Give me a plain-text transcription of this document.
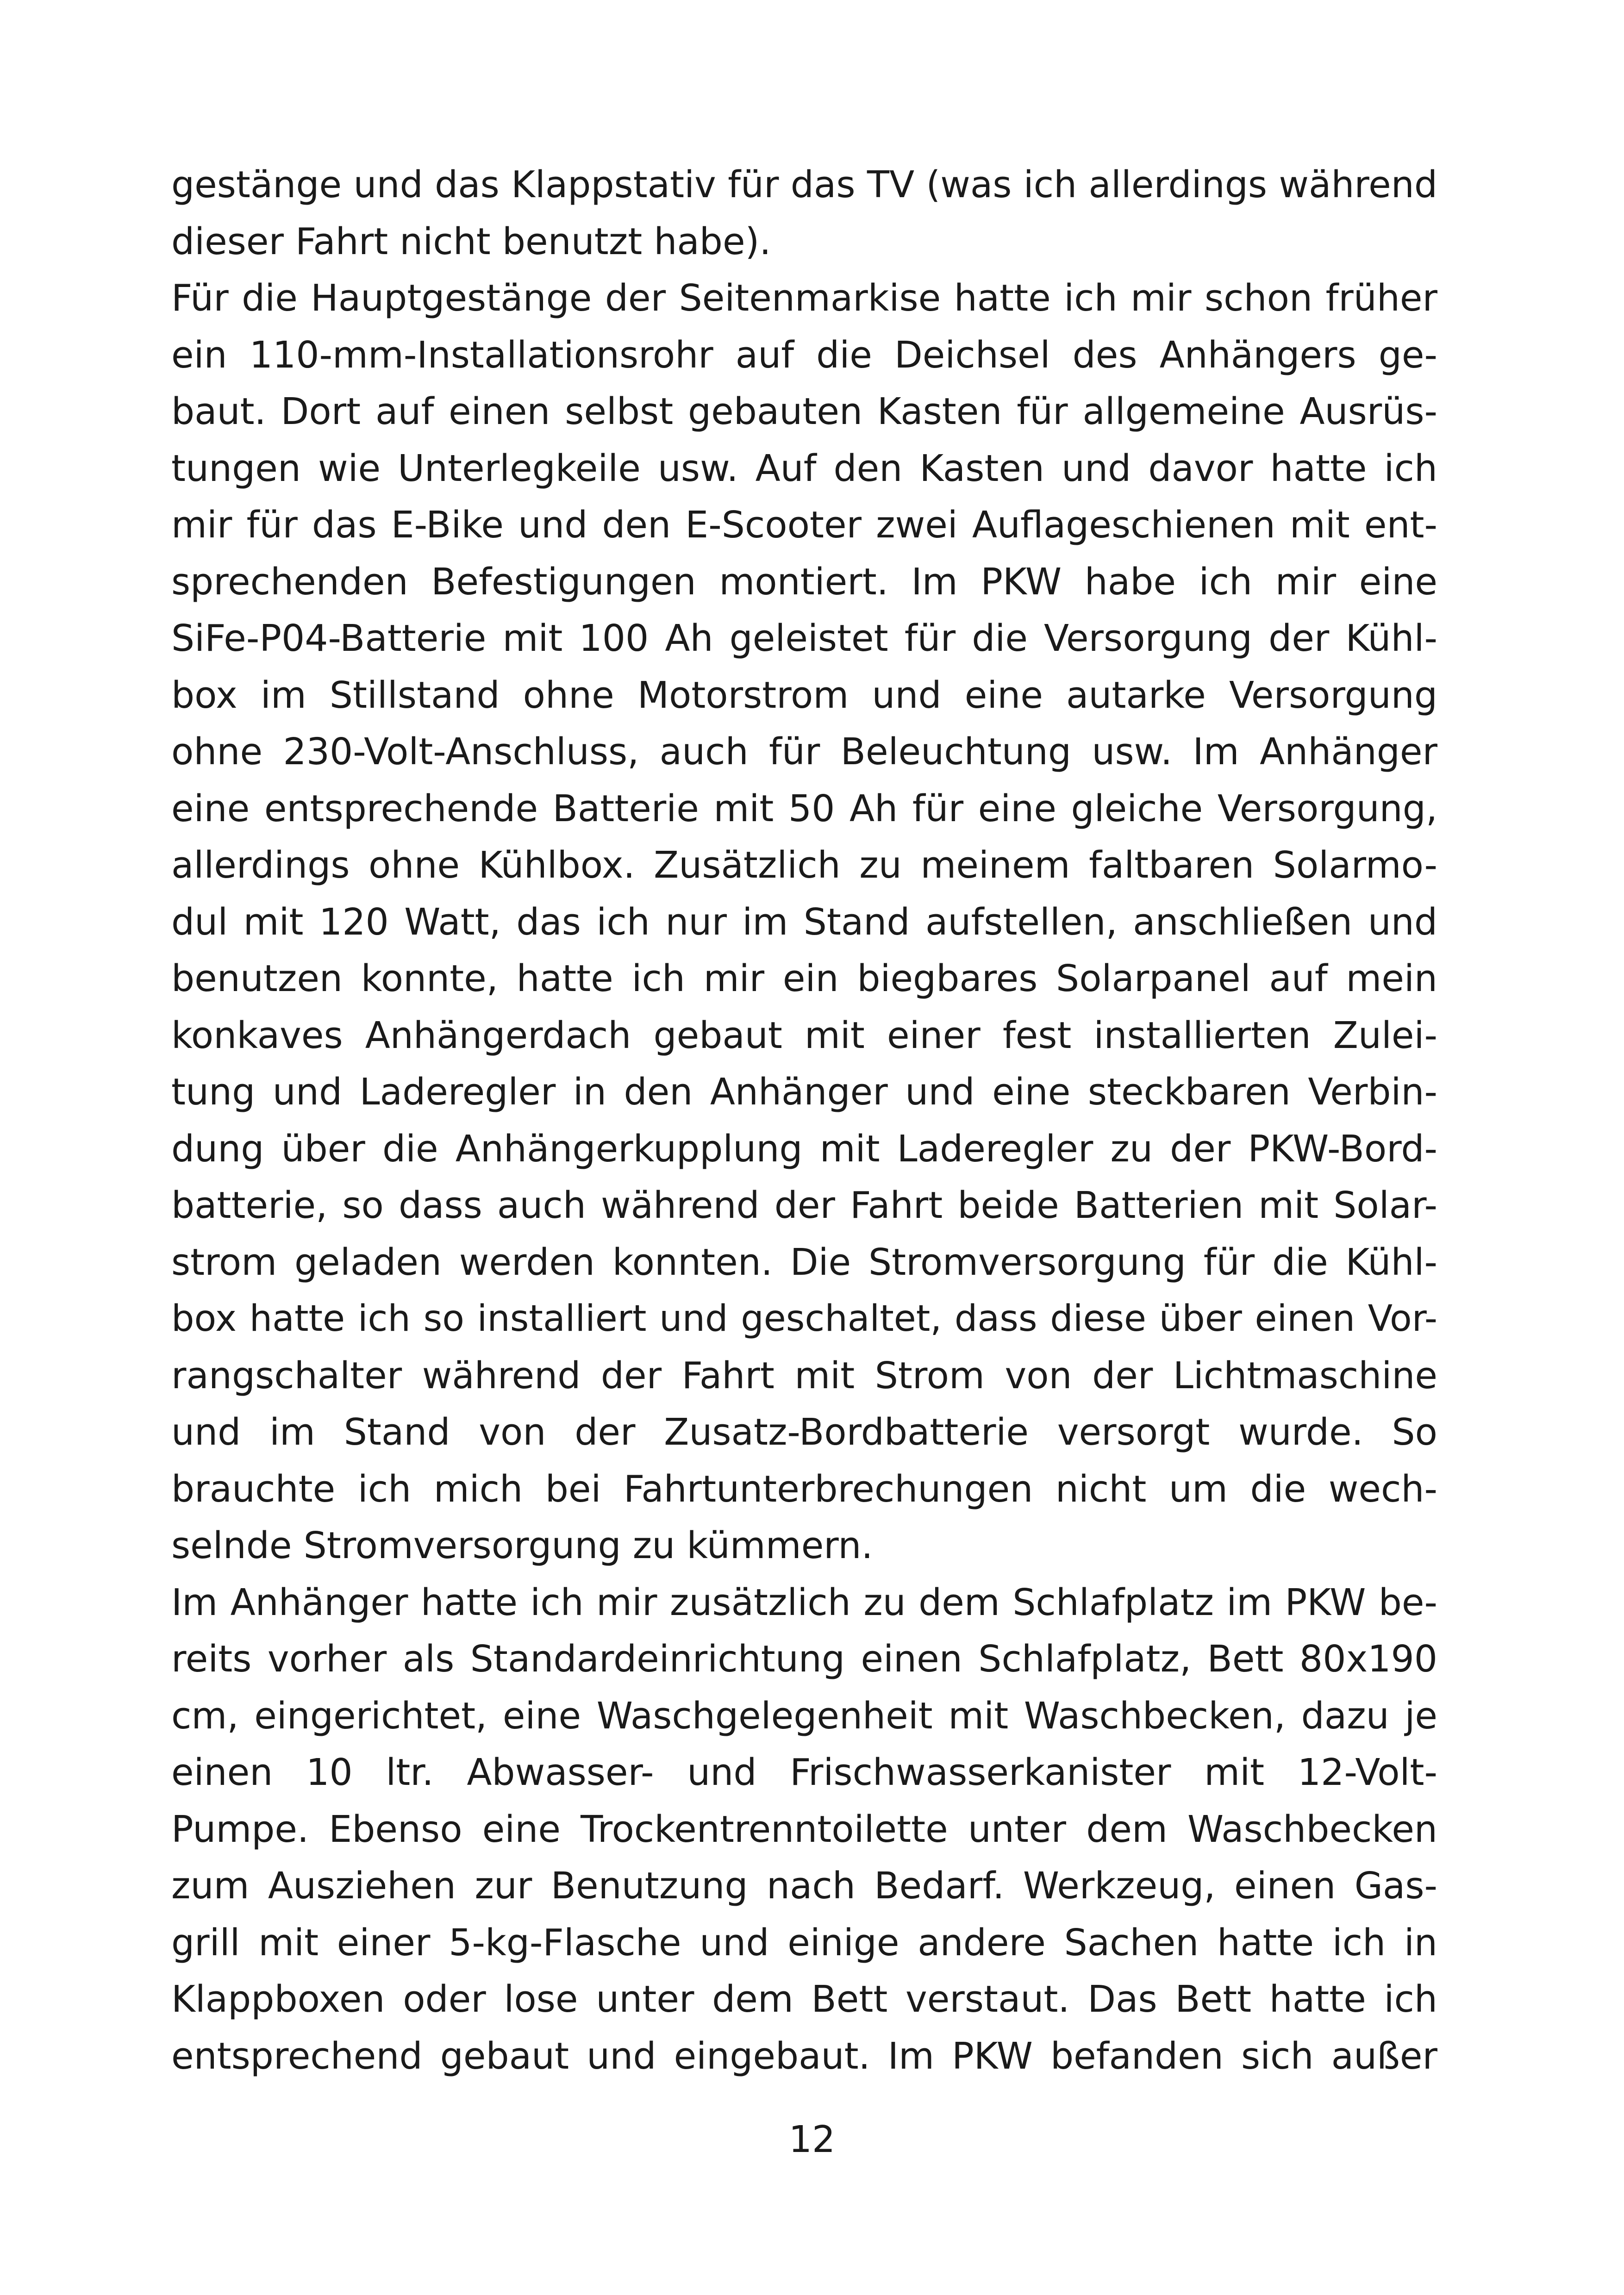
gestänge und das Klappstativ für das TV (was ich allerdings während
dieser Fahrt nicht benutzt habe).
Für die Hauptgestänge der Seitenmarkise hatte ich mir schon früher
ein 110-mm-Installationsrohr auf die Deichsel des Anhängers ge-
baut. Dort auf einen selbst gebauten Kasten für allgemeine Ausrüs-
tungen wie Unterlegkeile usw. Auf den Kasten und davor hatte ich
mir für das E-Bike und den E-Scooter zwei Auflageschienen mit ent-
sprechenden Befestigungen montiert. Im PKW habe ich mir eine
SiFe-P04-Batterie mit 100 Ah geleistet für die Versorgung der Kühl-
box im Stillstand ohne Motorstrom und eine autarke Versorgung
ohne 230-Volt-Anschluss, auch für Beleuchtung usw. Im Anhänger
eine entsprechende Batterie mit 50 Ah für eine gleiche Versorgung,
allerdings ohne Kühlbox. Zusätzlich zu meinem faltbaren Solarmo-
dul mit 120 Watt, das ich nur im Stand aufstellen, anschließen und
benutzen konnte, hatte ich mir ein biegbares Solarpanel auf mein
konkaves Anhängerdach gebaut mit einer fest installierten Zulei-
tung und Laderegler in den Anhänger und eine steckbaren Verbin-
dung über die Anhängerkupplung mit Laderegler zu der PKW-Bord-
batterie, so dass auch während der Fahrt beide Batterien mit Solar-
strom geladen werden konnten. Die Stromversorgung für die Kühl-
box hatte ich so installiert und geschaltet, dass diese über einen Vor-
rangschalter während der Fahrt mit Strom von der Lichtmaschine
und im Stand von der Zusatz-Bordbatterie versorgt wurde. So
brauchte ich mich bei Fahrtunterbrechungen nicht um die wech-
selnde Stromversorgung zu kümmern.
Im Anhänger hatte ich mir zusätzlich zu dem Schlafplatz im PKW be-
reits vorher als Standardeinrichtung einen Schlafplatz, Bett 80x190
cm, eingerichtet, eine Waschgelegenheit mit Waschbecken, dazu je
einen 10 ltr. Abwasser- und Frischwasserkanister mit 12-Volt-
Pumpe. Ebenso eine Trockentrenntoilette unter dem Waschbecken
zum Ausziehen zur Benutzung nach Bedarf. Werkzeug, einen Gas-
grill mit einer 5-kg-Flasche und einige andere Sachen hatte ich in
Klappboxen oder lose unter dem Bett verstaut. Das Bett hatte ich
entsprechend gebaut und eingebaut. Im PKW befanden sich außer
12
